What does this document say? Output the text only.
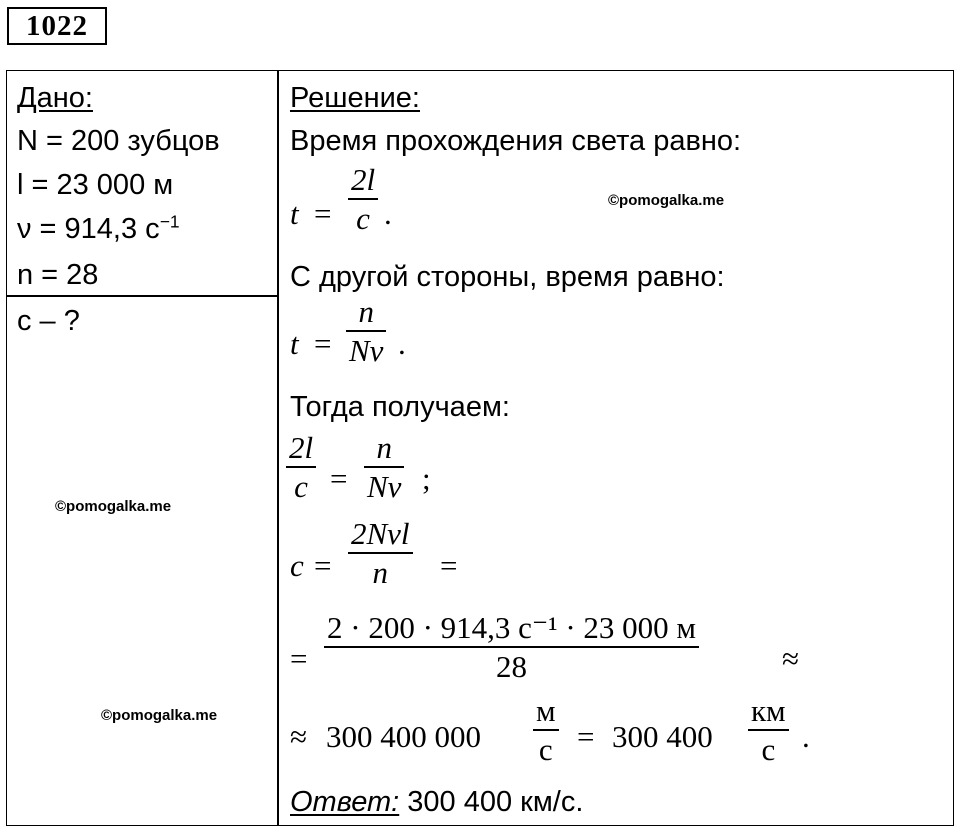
1022
Дано:
N = 200 зубцов
l = 23 000 м
ν = 914,3 $с^{-1}$
n = 28
с – ?
©pomogalka.me
©pomogalka.me
©pomogalka.me
Решение:
Время прохождения света равно:
t =
2l
c .
С другой стороны, время равно:
t =
n
Nν .
Тогда получаем:
2l
c =
n
Nν ;
c =
2Nνl
n =
=
2 · 200 · 914,3 с⁻¹ · 23 000 м
28	≈
≈ 300 400 000
м
с = 300 400
км
с .
Ответ: 300 400 км/с.
